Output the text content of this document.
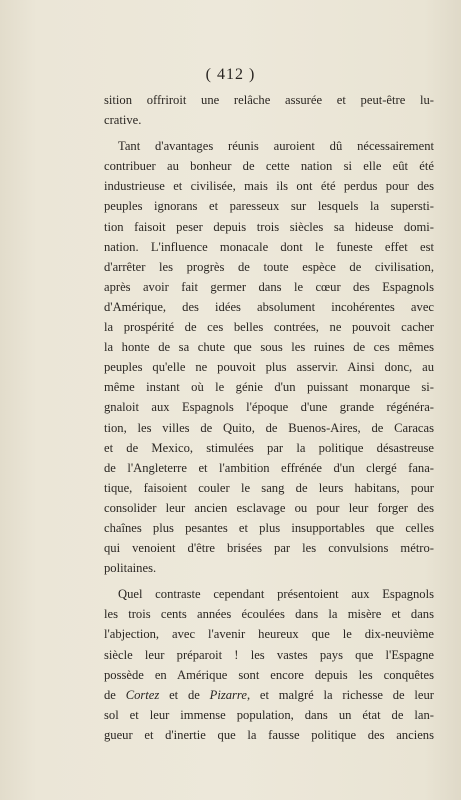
( 412 )
sition offriroit une relâche assurée et peut-être lu-
crative.
Tant d'avantages réunis auroient dû nécessairement
contribuer au bonheur de cette nation si elle eût été
industrieuse et civilisée, mais ils ont été perdus pour des
peuples ignorans et paresseux sur lesquels la supersti-
tion faisoit peser depuis trois siècles sa hideuse domi-
nation. L'influence monacale dont le funeste effet est
d'arrêter les progrès de toute espèce de civilisation,
après avoir fait germer dans le cœur des Espagnols
d'Amérique, des idées absolument incohérentes avec
la prospérité de ces belles contrées, ne pouvoit cacher
la honte de sa chute que sous les ruines de ces mêmes
peuples qu'elle ne pouvoit plus asservir. Ainsi donc, au
même instant où le génie d'un puissant monarque si-
gnaloit aux Espagnols l'époque d'une grande régénéra-
tion, les villes de Quito, de Buenos-Aires, de Caracas
et de Mexico, stimulées par la politique désastreuse
de l'Angleterre et l'ambition effrénée d'un clergé fana-
tique, faisoient couler le sang de leurs habitans, pour
consolider leur ancien esclavage ou pour leur forger des
chaînes plus pesantes et plus insupportables que celles
qui venoient d'être brisées par les convulsions métro-
politaines.
Quel contraste cependant présentoient aux Espagnols
les trois cents années écoulées dans la misère et dans
l'abjection, avec l'avenir heureux que le dix-neuvième
siècle leur préparoit ! les vastes pays que l'Espagne
possède en Amérique sont encore depuis les conquêtes
de Cortez et de Pizarre, et malgré la richesse de leur
sol et leur immense population, dans un état de lan-
gueur et d'inertie que la fausse politique des anciens
